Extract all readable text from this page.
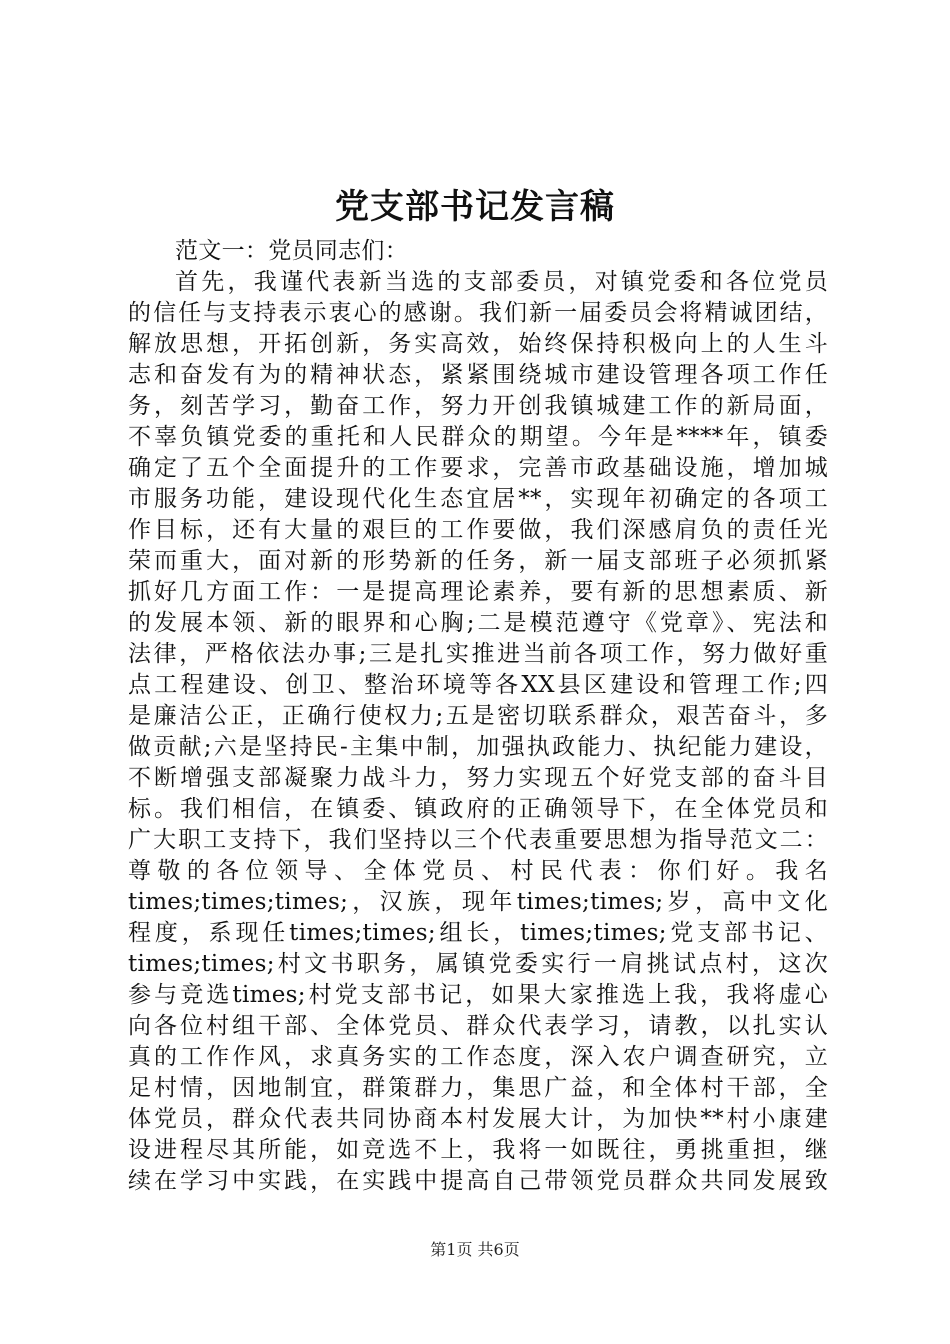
党支部书记发言稿
范文一：党员同志们：
首先，我谨代表新当选的支部委员，对镇党委和各位党员
的信任与支持表示衷心的感谢。我们新一届委员会将精诚团结，
解放思想，开拓创新，务实高效，始终保持积极向上的人生斗
志和奋发有为的精神状态，紧紧围绕城市建设管理各项工作任
务，刻苦学习，勤奋工作，努力开创我镇城建工作的新局面，
不辜负镇党委的重托和人民群众的期望。今年是****年，镇委
确定了五个全面提升的工作要求，完善市政基础设施，增加城
市服务功能，建设现代化生态宜居**，实现年初确定的各项工
作目标，还有大量的艰巨的工作要做，我们深感肩负的责任光
荣而重大，面对新的形势新的任务，新一届支部班子必须抓紧
抓好几方面工作：一是提高理论素养，要有新的思想素质、新
的发展本领、新的眼界和心胸;二是模范遵守《党章》、宪法和
法律，严格依法办事;三是扎实推进当前各项工作，努力做好重
点工程建设、创卫、整治环境等各XX县区建设和管理工作;四
是廉洁公正，正确行使权力;五是密切联系群众，艰苦奋斗，多
做贡献;六是坚持民-主集中制，加强执政能力、执纪能力建设，
不断增强支部凝聚力战斗力，努力实现五个好党支部的奋斗目
标。我们相信，在镇委、镇政府的正确领导下，在全体党员和
广大职工支持下，我们坚持以三个代表重要思想为指导范文二：
尊敬的各位领导、全体党员、村民代表：你们好。我名
times;times;times;，汉族，现年times;times;岁，高中文化
程度，系现任times;times;组长，times;times;党支部书记、
times;times;村文书职务，属镇党委实行一肩挑试点村，这次
参与竞选times;村党支部书记，如果大家推选上我，我将虚心
向各位村组干部、全体党员、群众代表学习，请教，以扎实认
真的工作作风，求真务实的工作态度，深入农户调查研究，立
足村情，因地制宜，群策群力，集思广益，和全体村干部，全
体党员，群众代表共同协商本村发展大计，为加快**村小康建
设进程尽其所能，如竞选不上，我将一如既往，勇挑重担，继
续在学习中实践，在实践中提高自己带领党员群众共同发展致
第1页 共6页
